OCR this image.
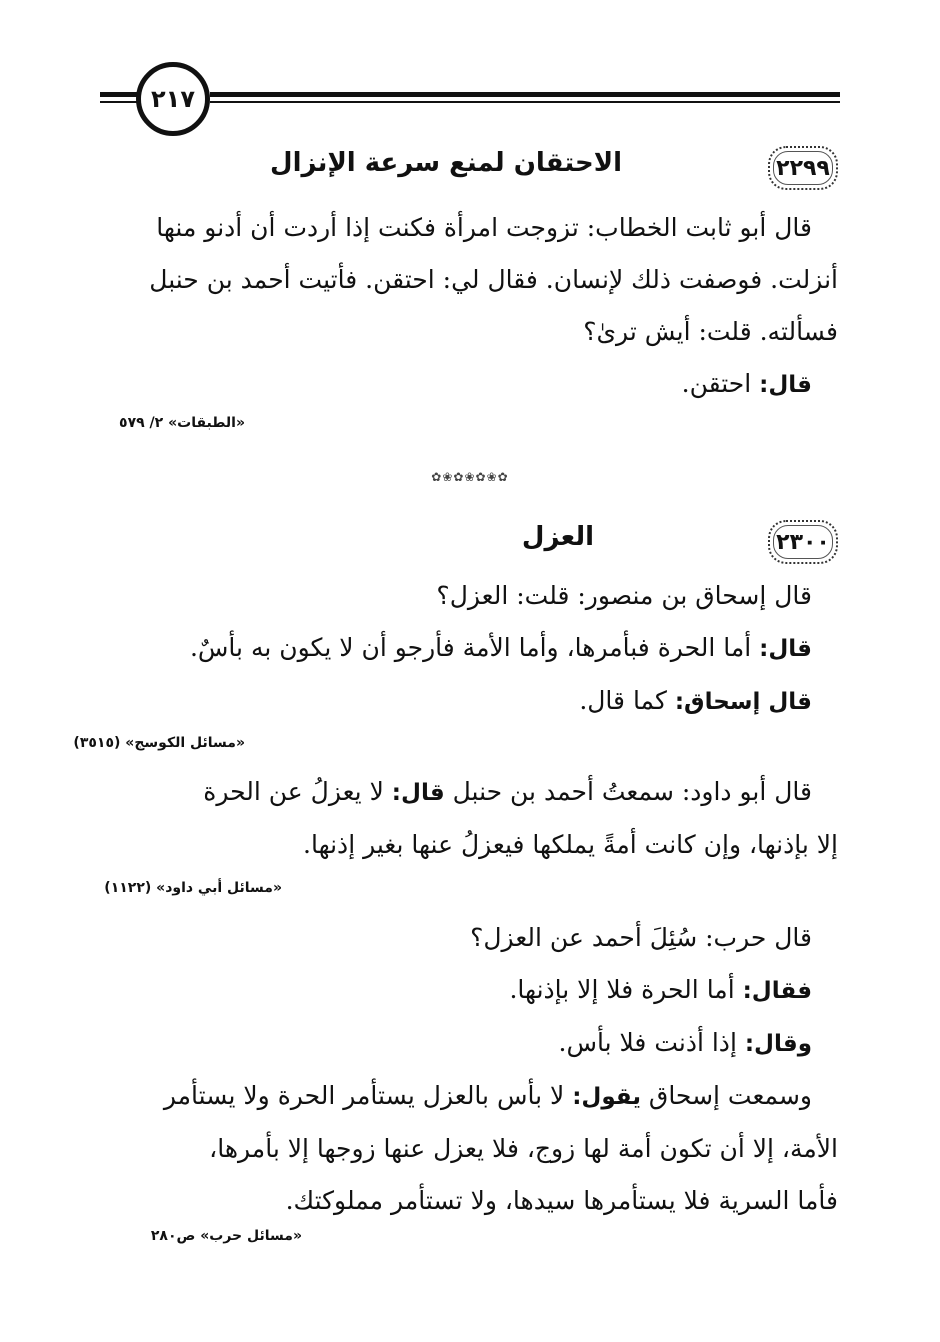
٢١٧
٢٢٩٩
الاحتقان لمنع سرعة الإنزال

قال أبو ثابت الخطاب: تزوجت امرأة فكنت إذا أردت أن أدنو منها
أنزلت. فوصفت ذلك لإنسان. فقال لي: احتقن. فأتيت أحمد بن حنبل
فسألته. قلت: أيش ترىٰ؟
قال: احتقن.

«الطبقات» ٢/ ٥٧٩
✿❀✿❀✿❀✿
٢٣٠٠
العزل

قال إسحاق بن منصور: قلت: العزل؟
قال: أما الحرة فبأمرها، وأما الأمة فأرجو أن لا يكون به بأسٌ.
قال إسحاق: كما قال.

«مسائل الكوسج» (٣٥١٥)

قال أبو داود: سمعتُ أحمد بن حنبل قال: لا يعزلُ عن الحرة
إلا بإذنها، وإن كانت أمةً يملكها فيعزلُ عنها بغير إذنها.

«مسائل أبي داود» (١١٢٢)

قال حرب: سُئِلَ أحمد عن العزل؟
فقال: أما الحرة فلا إلا بإذنها.
وقال: إذا أذنت فلا بأس.
وسمعت إسحاق يقول: لا بأس بالعزل يستأمر الحرة ولا يستأمر
الأمة، إلا أن تكون أمة لها زوج، فلا يعزل عنها زوجها إلا بأمرها،
فأما السرية فلا يستأمرها سيدها، ولا تستأمر مملوكتك.

«مسائل حرب» ص٢٨٠
